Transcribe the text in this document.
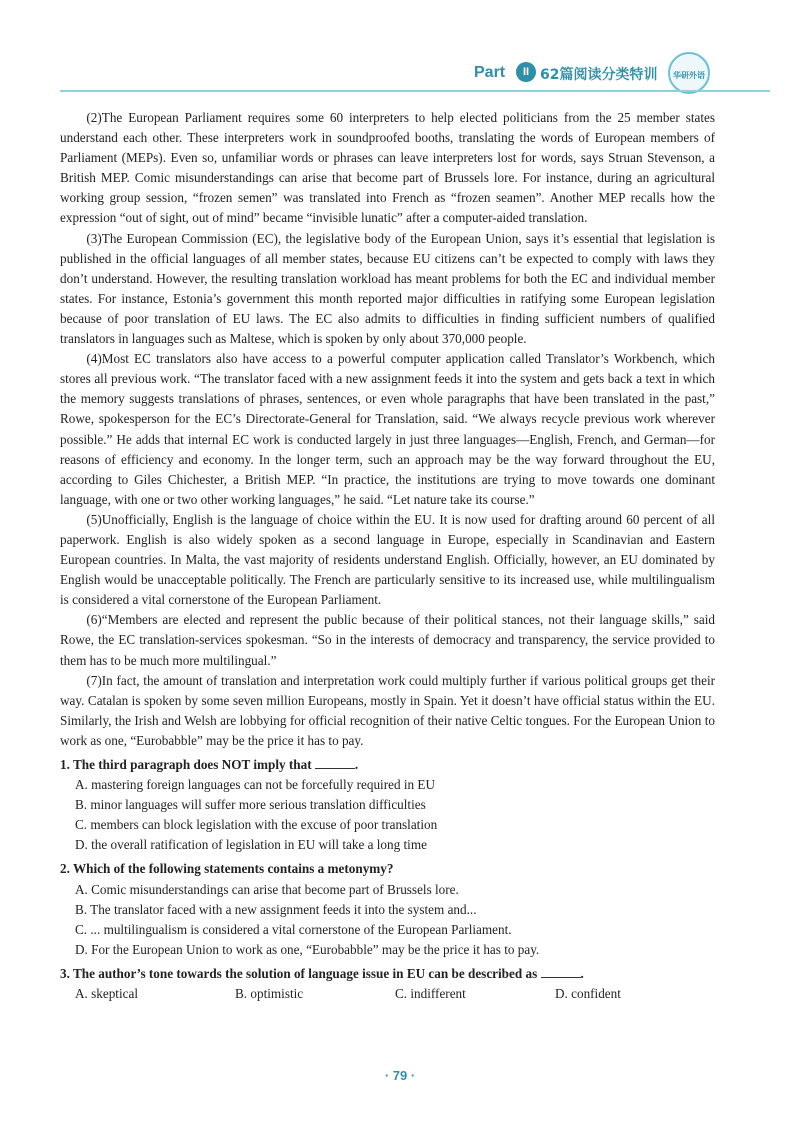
Part	II 62篇阅读分类特训	华研外语

(2)The European Parliament requires some 60 interpreters to help elected politicians from the 25 member states understand each other. These interpreters work in soundproofed booths, translating the words of European members of Parliament (MEPs). Even so, unfamiliar words or phrases can leave interpreters lost for words, says Struan Stevenson, a British MEP. Comic misunderstandings can arise that become part of Brussels lore. For instance, during an agricultural working group session, “frozen semen” was translated into French as “frozen seamen”. Another MEP recalls how the expression “out of sight, out of mind” became “invisible lunatic” after a computer-aided translation.

(3)The European Commission (EC), the legislative body of the European Union, says it’s essential that legislation is published in the official languages of all member states, because EU citizens can’t be expected to comply with laws they don’t understand. However, the resulting translation workload has meant problems for both the EC and individual member states. For instance, Estonia’s government this month reported major difficulties in ratifying some European legislation because of poor translation of EU laws. The EC also admits to difficulties in finding sufficient numbers of qualified translators in languages such as Maltese, which is spoken by only about 370,000 people.

(4)Most EC translators also have access to a powerful computer application called Translator’s Workbench, which stores all previous work. “The translator faced with a new assignment feeds it into the system and gets back a text in which the memory suggests translations of phrases, sentences, or even whole paragraphs that have been translated in the past,” Rowe, spokesperson for the EC’s Directorate-General for Translation, said. “We always recycle previous work wherever possible.” He adds that internal EC work is conducted largely in just three languages—English, French, and German—for reasons of efficiency and economy. In the longer term, such an approach may be the way forward throughout the EU, according to Giles Chichester, a British MEP. “In practice, the institutions are trying to move towards one dominant language, with one or two other working languages,” he said. “Let nature take its course.”

(5)Unofficially, English is the language of choice within the EU. It is now used for drafting around 60 percent of all paperwork. English is also widely spoken as a second language in Europe, especially in Scandinavian and Eastern European countries. In Malta, the vast majority of residents understand English. Officially, however, an EU dominated by English would be unacceptable politically. The French are particularly sensitive to its increased use, while multilingualism is considered a vital cornerstone of the European Parliament.

(6)“Members are elected and represent the public because of their political stances, not their language skills,” said Rowe, the EC translation-services spokesman. “So in the interests of democracy and transparency, the service provided to them has to be much more multilingual.”

(7)In fact, the amount of translation and interpretation work could multiply further if various political groups get their way. Catalan is spoken by some seven million Europeans, mostly in Spain. Yet it doesn’t have official status within the EU. Similarly, the Irish and Welsh are lobbying for official recognition of their native Celtic tongues. For the European Union to work as one, “Eurobabble” may be the price it has to pay.

1. The third paragraph does NOT imply that	.
A. mastering foreign languages can not be forcefully required in EU
B. minor languages will suffer more serious translation difficulties
C. members can block legislation with the excuse of poor translation
D. the overall ratification of legislation in EU will take a long time
2. Which of the following statements contains a metonymy?
A. Comic misunderstandings can arise that become part of Brussels lore.
B. The translator faced with a new assignment feeds it into the system and...
C. ... multilingualism is considered a vital cornerstone of the European Parliament.
D. For the European Union to work as one, “Eurobabble” may be the price it has to pay.
3. The author’s tone towards the solution of language issue in EU can be described as	.
A. skeptical	B. optimistic	C. indifferent	D. confident
· 79 ·
